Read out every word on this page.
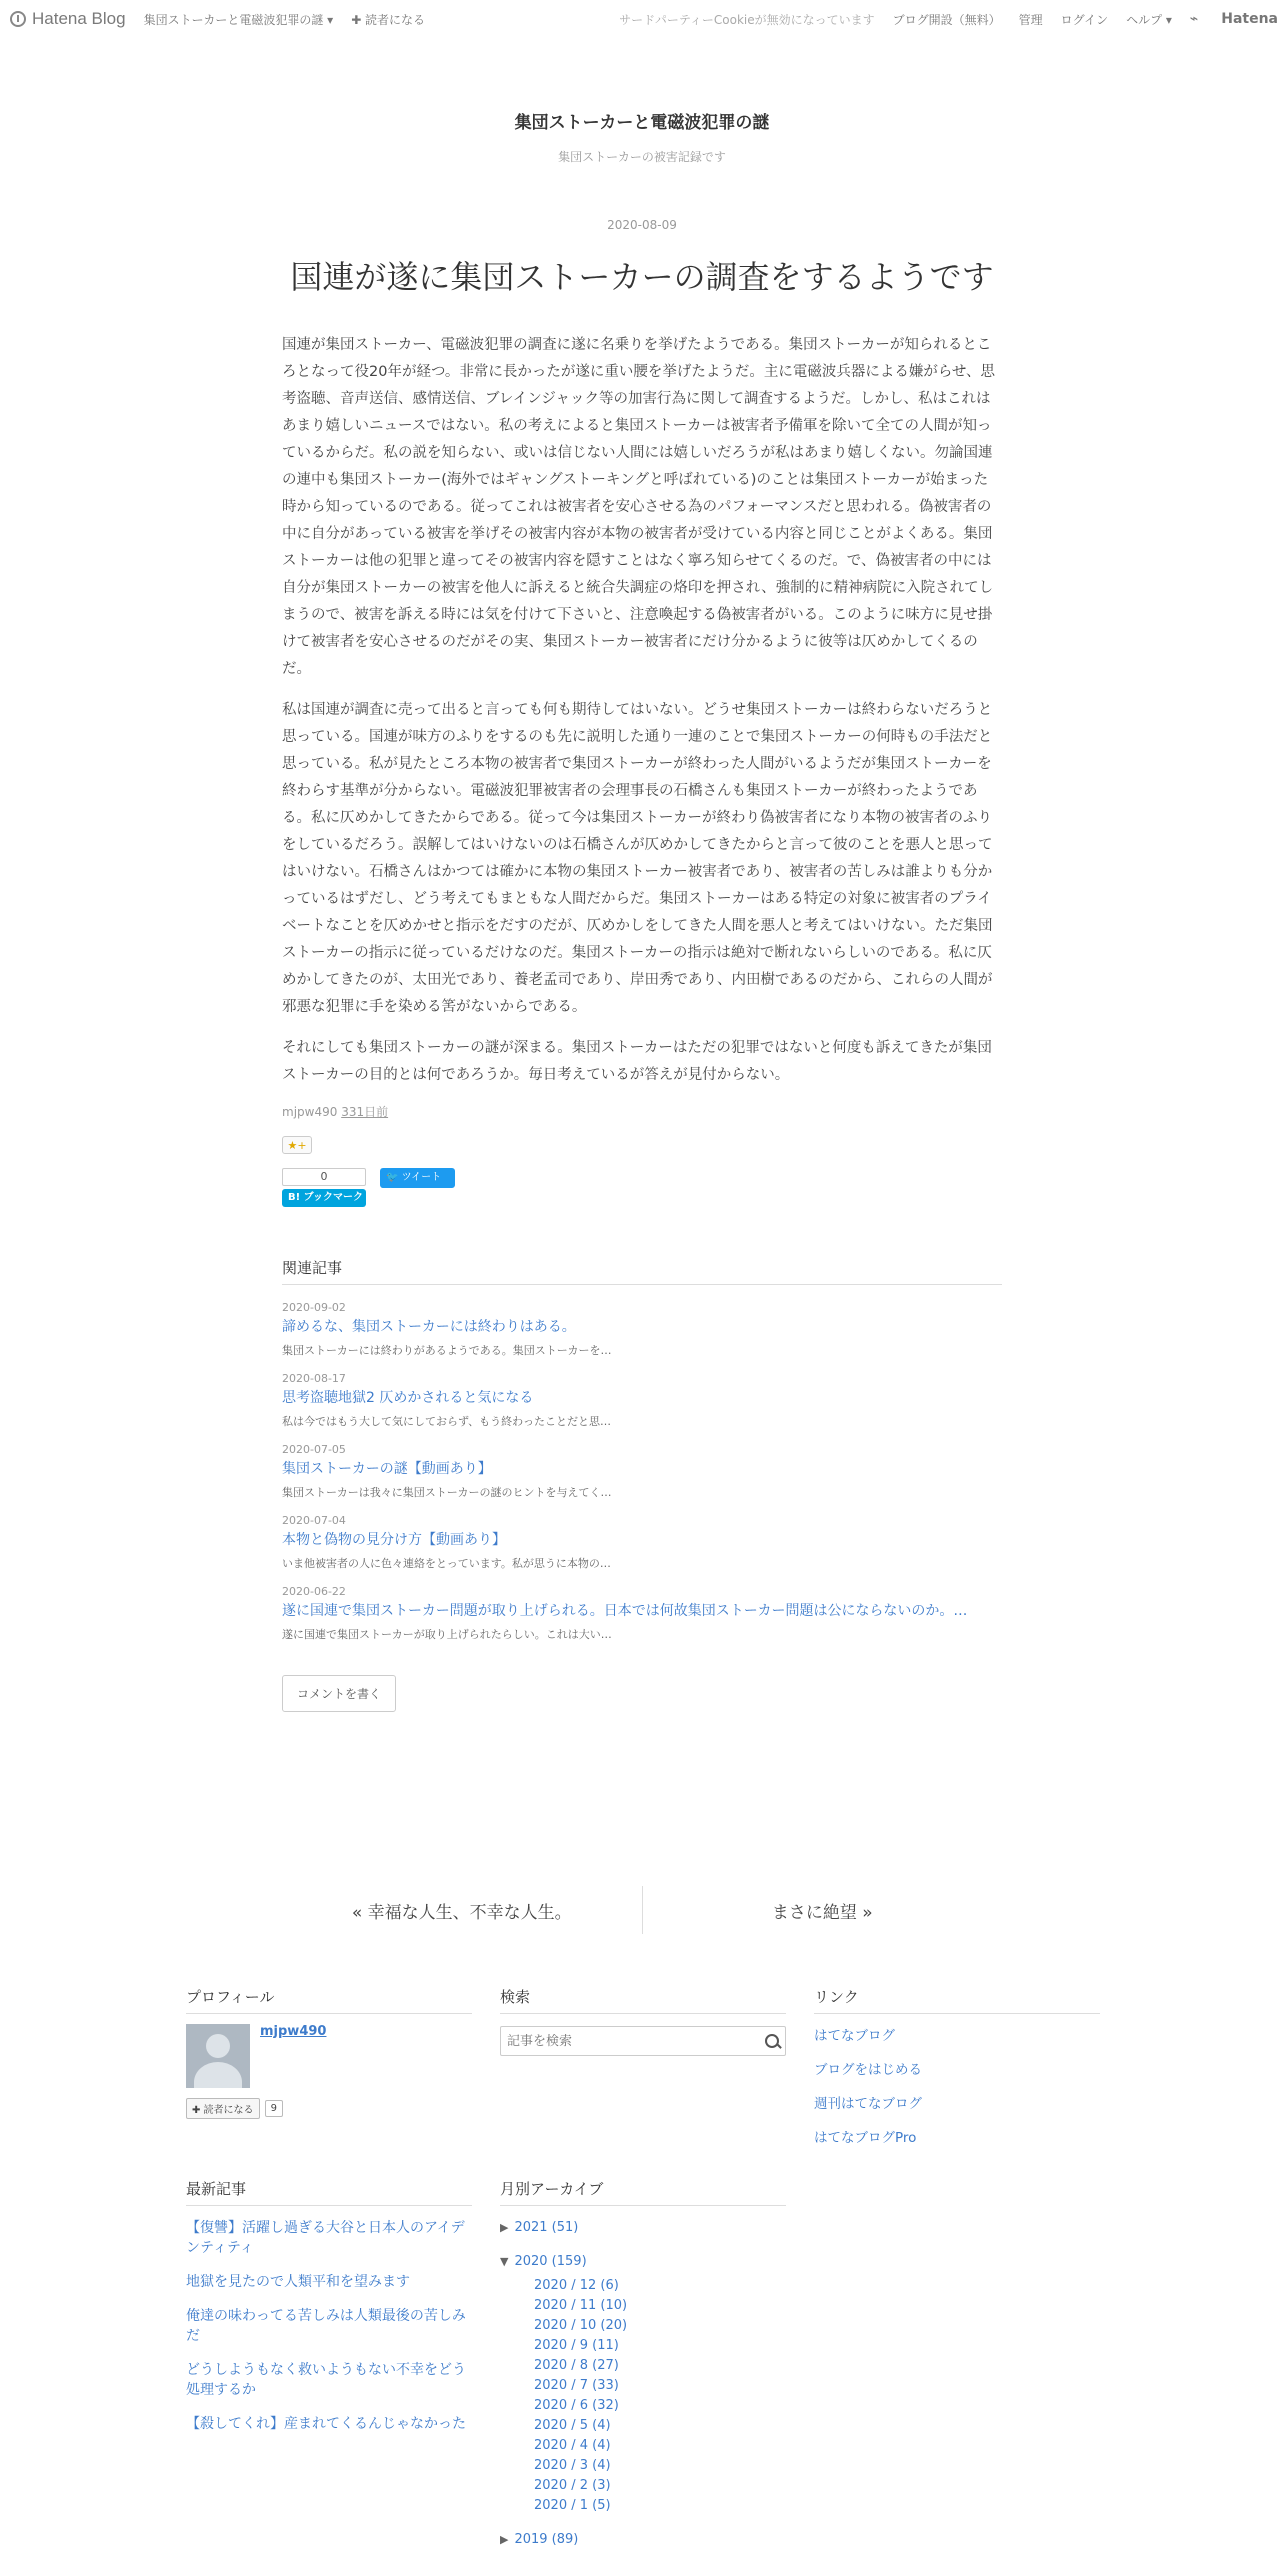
Hatena Blog 集団ストーカーと電磁波犯罪の謎 ▾ ✚ 読者になる	サードパーティーCookieが無効になっています ブログ開設（無料） 管理 ログイン ヘルプ ▾ ⌁ Hatena
集団ストーカーと電磁波犯罪の謎
集団ストーカーの被害記録です
2020-08-09
国連が遂に集団ストーカーの調査をするようです

国連が集団ストーカー、電磁波犯罪の調査に遂に名乗りを挙げたようである。集団ストーカーが知られるところとなって役20年が経つ。非常に長かったが遂に重い腰を挙げたようだ。主に電磁波兵器による嫌がらせ、思考盗聴、音声送信、感情送信、ブレインジャック等の加害行為に関して調査するようだ。しかし、私はこれはあまり嬉しいニュースではない。私の考えによると集団ストーカーは被害者予備軍を除いて全ての人間が知っているからだ。私の説を知らない、或いは信じない人間には嬉しいだろうが私はあまり嬉しくない。勿論国連の連中も集団ストーカー(海外ではギャングストーキングと呼ばれている)のことは集団ストーカーが始まった時から知っているのである。従ってこれは被害者を安心させる為のパフォーマンスだと思われる。偽被害者の中に自分があっている被害を挙げその被害内容が本物の被害者が受けている内容と同じことがよくある。集団ストーカーは他の犯罪と違ってその被害内容を隠すことはなく寧ろ知らせてくるのだ。で、偽被害者の中には自分が集団ストーカーの被害を他人に訴えると統合失調症の烙印を押され、強制的に精神病院に入院されてしまうので、被害を訴える時には気を付けて下さいと、注意喚起する偽被害者がいる。このように味方に見せ掛けて被害者を安心させるのだがその実、集団ストーカー被害者にだけ分かるように彼等は仄めかしてくるのだ。

私は国連が調査に売って出ると言っても何も期待してはいない。どうせ集団ストーカーは終わらないだろうと思っている。国連が味方のふりをするのも先に説明した通り一連のことで集団ストーカーの何時もの手法だと思っている。私が見たところ本物の被害者で集団ストーカーが終わった人間がいるようだが集団ストーカーを終わらす基準が分からない。電磁波犯罪被害者の会理事長の石橋さんも集団ストーカーが終わったようである。私に仄めかしてきたからである。従って今は集団ストーカーが終わり偽被害者になり本物の被害者のふりをしているだろう。誤解してはいけないのは石橋さんが仄めかしてきたからと言って彼のことを悪人と思ってはいけない。石橋さんはかつては確かに本物の集団ストーカー被害者であり、被害者の苦しみは誰よりも分かっているはずだし、どう考えてもまともな人間だからだ。集団ストーカーはある特定の対象に被害者のプライベートなことを仄めかせと指示をだすのだが、仄めかしをしてきた人間を悪人と考えてはいけない。ただ集団ストーカーの指示に従っているだけなのだ。集団ストーカーの指示は絶対で断れないらしいのである。私に仄めかしてきたのが、太田光であり、養老孟司であり、岸田秀であり、内田樹であるのだから、これらの人間が邪悪な犯罪に手を染める筈がないからである。

それにしても集団ストーカーの謎が深まる。集団ストーカーはただの犯罪ではないと何度も訴えてきたが集団ストーカーの目的とは何であろうか。毎日考えているが答えが見付からない。

mjpw490 331日前
★+
0
B! ブックマーク
🐦 ツイート
関連記事
2020-09-02
諦めるな、集団ストーカーには終わりはある。
集団ストーカーには終わりがあるようである。集団ストーカーを…
2020-08-17
思考盗聴地獄2 仄めかされると気になる
私は今ではもう大して気にしておらず、もう終わったことだと思…
2020-07-05
集団ストーカーの謎【動画あり】
集団ストーカーは我々に集団ストーカーの謎のヒントを与えてく…
2020-07-04
本物と偽物の見分け方【動画あり】
いま他被害者の人に色々連絡をとっています。私が思うに本物の…
2020-06-22
遂に国連で集団ストーカー問題が取り上げられる。日本では何故集団ストーカー問題は公にならないのか。…
遂に国連で集団ストーカーが取り上げられたらしい。これは大い…
コメントを書く
« 幸福な人生、不幸な人生。	まさに絶望 »
プロフィール
mjpw490
✚ 読者になる	9
検索
記事を検索	リンク
はてなブログ
ブログをはじめる
週刊はてなブログ
はてなブログPro
最新記事
【復讐】活躍し過ぎる大谷と日本人のアイデンティティ
地獄を見たので人類平和を望みます
俺達の味わってる苦しみは人類最後の苦しみだ
どうしようもなく救いようもない不幸をどう処理するか
【殺してくれ】産まれてくるんじゃなかった
月別アーカイブ
▶ 2021 (51)
▼ 2020 (159)
2020 / 12 (6)
2020 / 11 (10)
2020 / 10 (20)
2020 / 9 (11)
2020 / 8 (27)
2020 / 7 (33)
2020 / 6 (32)
2020 / 5 (4)
2020 / 4 (4)
2020 / 3 (4)
2020 / 2 (3)
2020 / 1 (5)
▶ 2019 (89)
